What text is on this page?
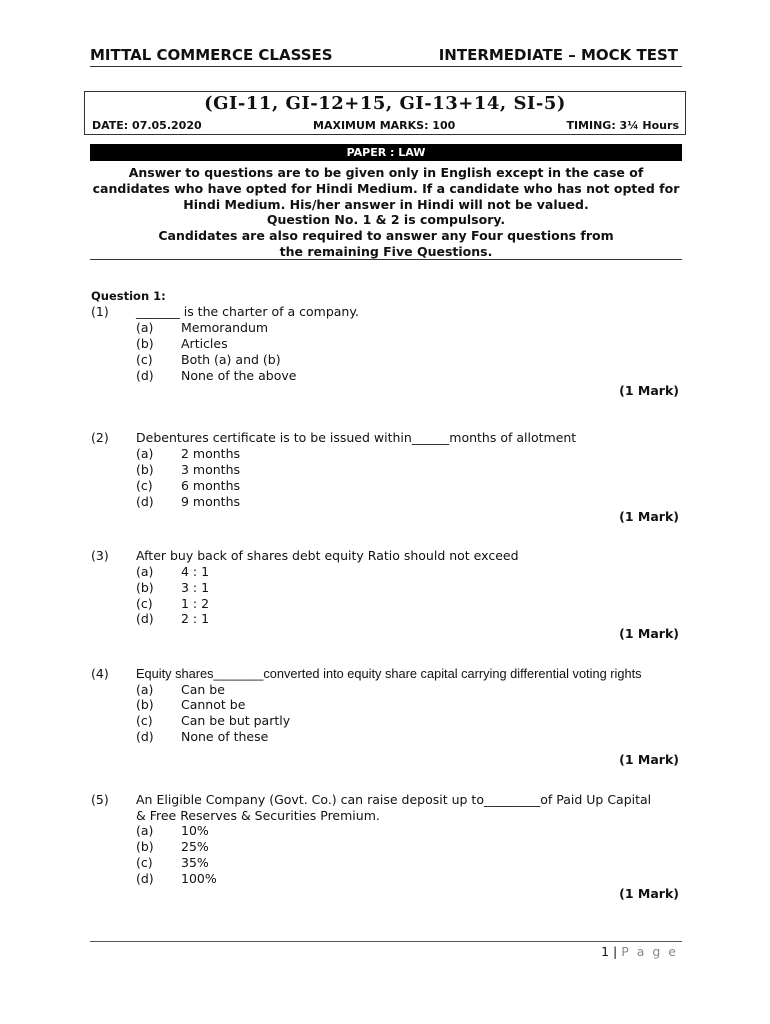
MITTAL COMMERCE CLASSES	INTERMEDIATE – MOCK TEST
(GI-11, GI-12+15, GI-13+14, SI-5)
DATE: 07.05.2020	MAXIMUM MARKS: 100	TIMING: 3¼ Hours
PAPER : LAW
Answer to questions are to be given only in English except in the case of
candidates who have opted for Hindi Medium. If a candidate who has not opted for
Hindi Medium. His/her answer in Hindi will not be valued.
Question No. 1 & 2 is compulsory.
Candidates are also required to answer any Four questions from
the remaining Five Questions.
Question 1:
(1) _______ is the charter of a company.
(a) Memorandum
(b) Articles
(c) Both (a) and (b)
(d) None of the above
(1 Mark)
(2) Debentures certificate is to be issued within______months of allotment
(a) 2 months
(b) 3 months
(c) 6 months
(d) 9 months
(1 Mark)
(3) After buy back of shares debt equity Ratio should not exceed
(a) 4 : 1
(b) 3 : 1
(c) 1 : 2
(d) 2 : 1
(1 Mark)
(4) Equity shares_______converted into equity share capital carrying differential voting rights
(a) Can be
(b) Cannot be
(c) Can be but partly
(d) None of these
(1 Mark)
(5) An Eligible Company (Govt. Co.) can raise deposit up to_________of Paid Up Capital
& Free Reserves & Securities Premium.
(a) 10%
(b) 25%
(c) 35%
(d) 100%
(1 Mark)
1 | P a g e
